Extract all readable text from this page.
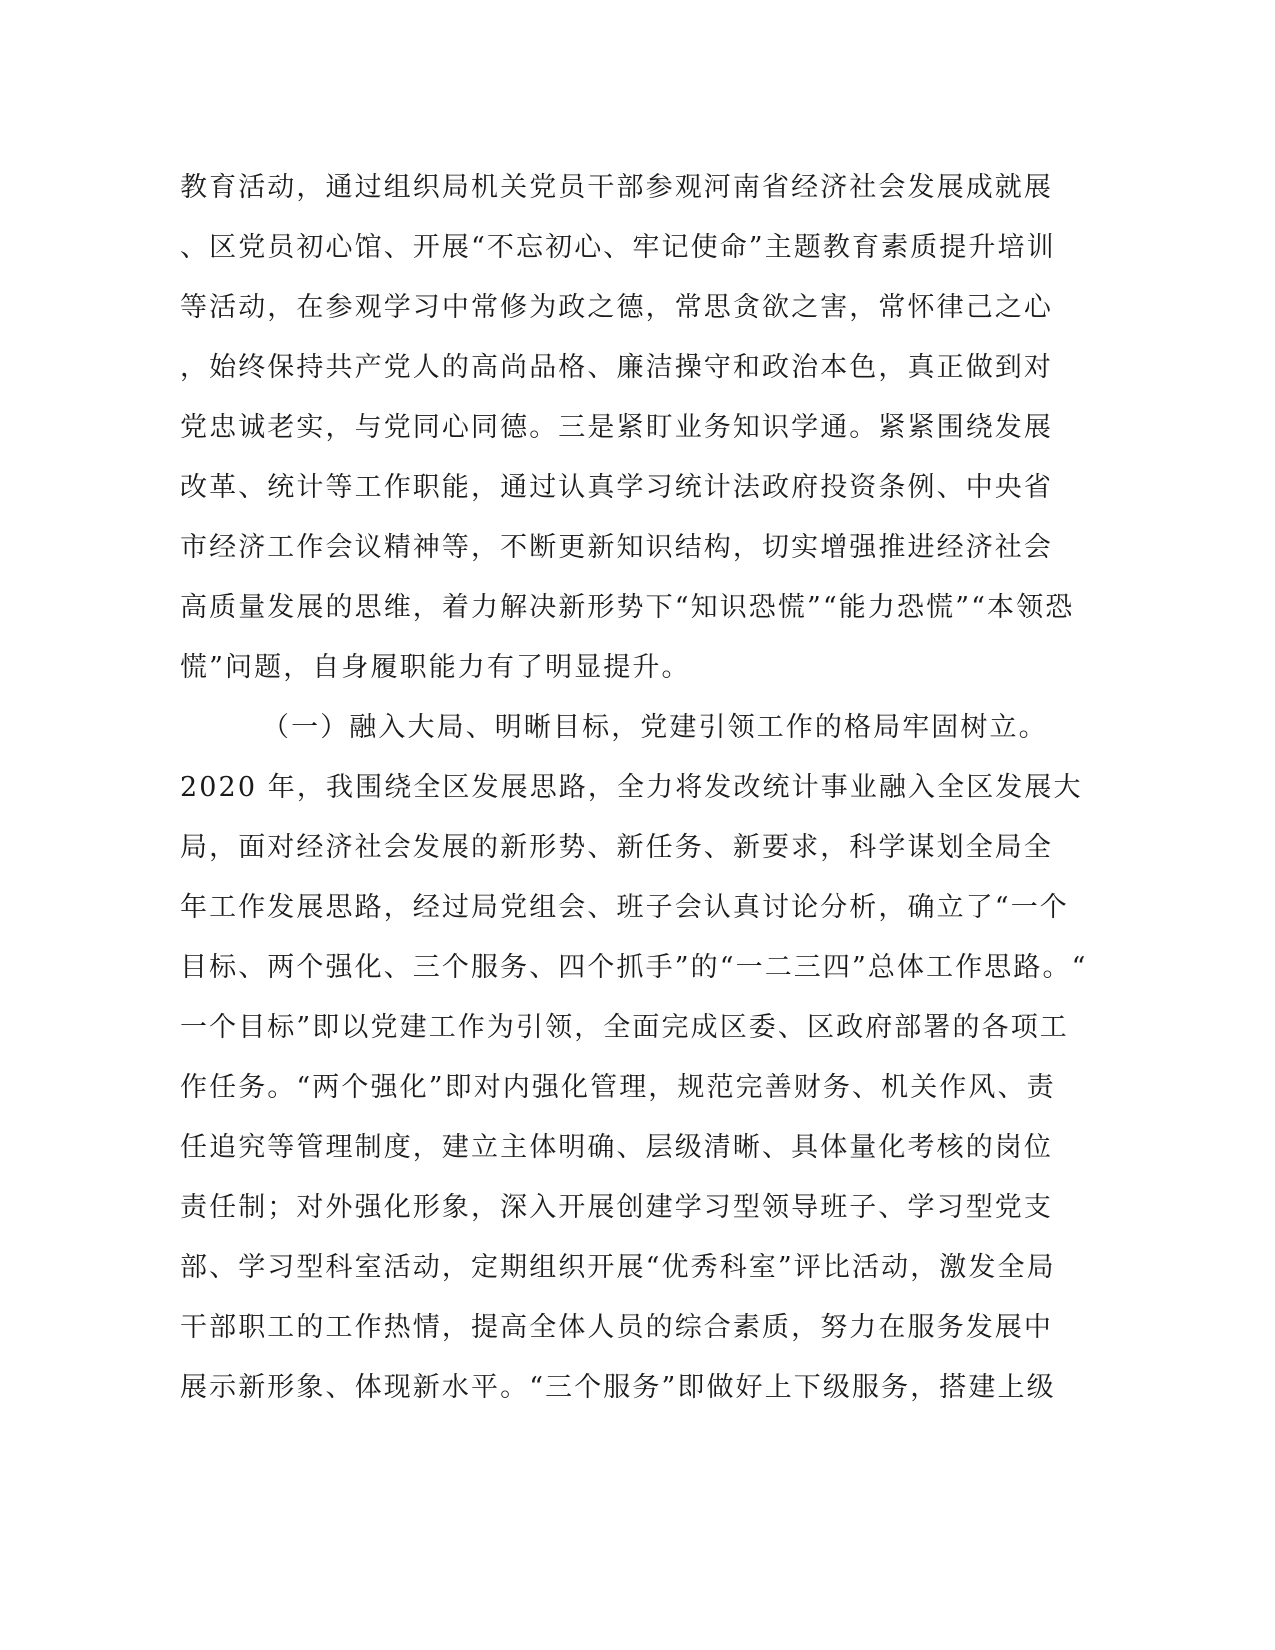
教育活动，通过组织局机关党员干部参观河南省经济社会发展成就展
、区党员初心馆、开展“不忘初心、牢记使命”主题教育素质提升培训
等活动，在参观学习中常修为政之德，常思贪欲之害，常怀律己之心
，始终保持共产党人的高尚品格、廉洁操守和政治本色，真正做到对
党忠诚老实，与党同心同德。三是紧盯业务知识学通。紧紧围绕发展
改革、统计等工作职能，通过认真学习统计法政府投资条例、中央省
市经济工作会议精神等，不断更新知识结构，切实增强推进经济社会
高质量发展的思维，着力解决新形势下“知识恐慌”“能力恐慌”“本领恐
慌”问题，自身履职能力有了明显提升。
（一）融入大局、明晰目标，党建引领工作的格局牢固树立。
2020 年，我围绕全区发展思路，全力将发改统计事业融入全区发展大
局，面对经济社会发展的新形势、新任务、新要求，科学谋划全局全
年工作发展思路，经过局党组会、班子会认真讨论分析，确立了“一个
目标、两个强化、三个服务、四个抓手”的“一二三四”总体工作思路。“
一个目标”即以党建工作为引领，全面完成区委、区政府部署的各项工
作任务。“两个强化”即对内强化管理，规范完善财务、机关作风、责
任追究等管理制度，建立主体明确、层级清晰、具体量化考核的岗位
责任制；对外强化形象，深入开展创建学习型领导班子、学习型党支
部、学习型科室活动，定期组织开展“优秀科室”评比活动，激发全局
干部职工的工作热情，提高全体人员的综合素质，努力在服务发展中
展示新形象、体现新水平。“三个服务”即做好上下级服务，搭建上级
